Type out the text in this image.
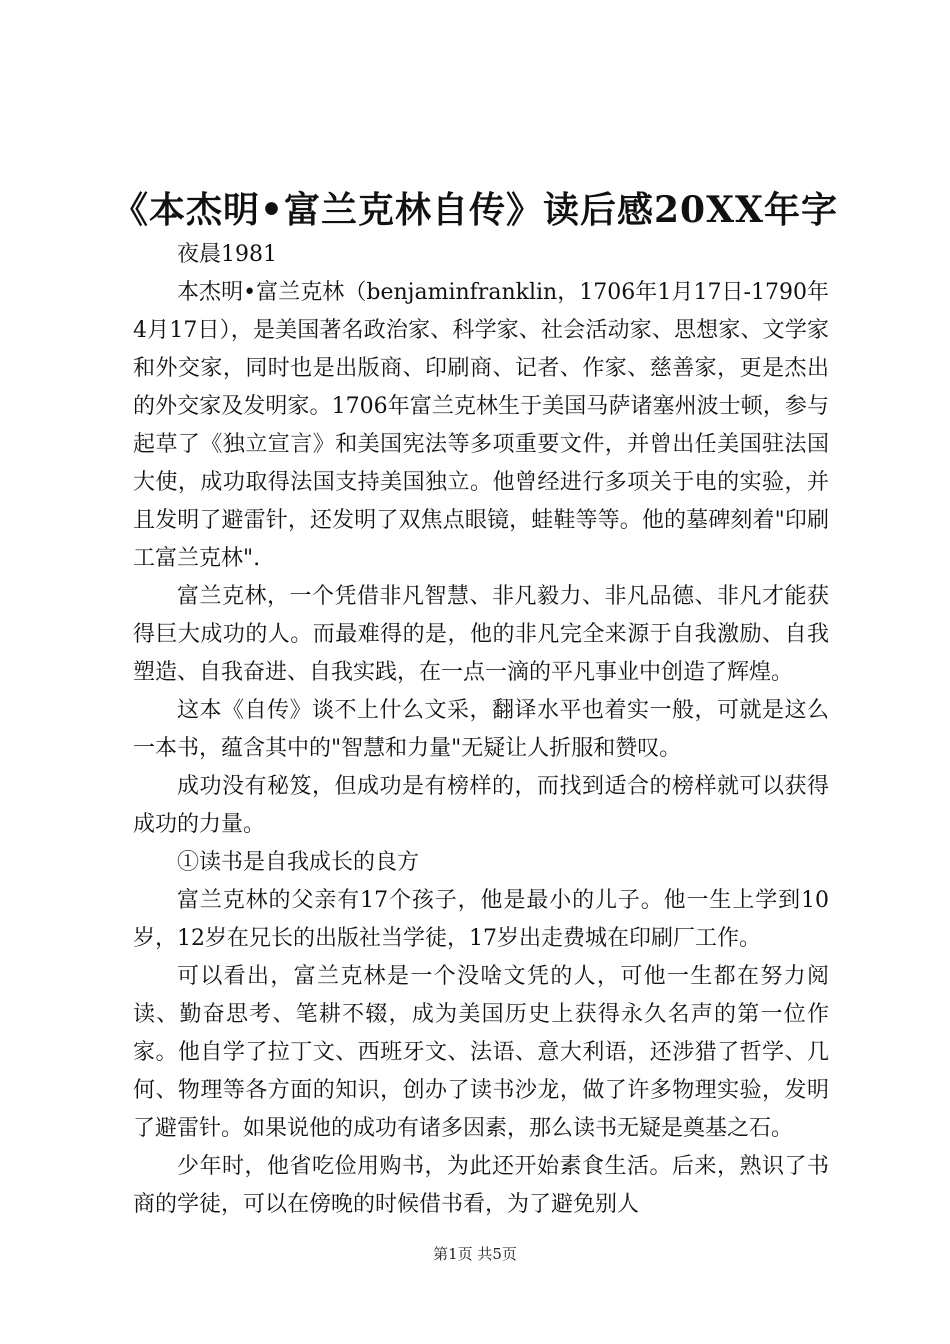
《本杰明•富兰克林自传》读后感20XX年字

夜晨1981

本杰明•富兰克林（benjaminfranklin，1706年1月17日-1790年4月17日），是美国著名政治家、科学家、社会活动家、思想家、文学家和外交家，同时也是出版商、印刷商、记者、作家、慈善家，更是杰出的外交家及发明家。1706年富兰克林生于美国马萨诸塞州波士顿，参与起草了《独立宣言》和美国宪法等多项重要文件，并曾出任美国驻法国大使，成功取得法国支持美国独立。他曾经进行多项关于电的实验，并且发明了避雷针，还发明了双焦点眼镜，蛙鞋等等。他的墓碑刻着"印刷工富兰克林".

富兰克林，一个凭借非凡智慧、非凡毅力、非凡品德、非凡才能获得巨大成功的人。而最难得的是，他的非凡完全来源于自我激励、自我塑造、自我奋进、自我实践，在一点一滴的平凡事业中创造了辉煌。

这本《自传》谈不上什么文采，翻译水平也着实一般，可就是这么一本书，蕴含其中的"智慧和力量"无疑让人折服和赞叹。

成功没有秘笈，但成功是有榜样的，而找到适合的榜样就可以获得成功的力量。

①读书是自我成长的良方

富兰克林的父亲有17个孩子，他是最小的儿子。他一生上学到10岁，12岁在兄长的出版社当学徒，17岁出走费城在印刷厂工作。

可以看出，富兰克林是一个没啥文凭的人，可他一生都在努力阅读、勤奋思考、笔耕不辍，成为美国历史上获得永久名声的第一位作家。他自学了拉丁文、西班牙文、法语、意大利语，还涉猎了哲学、几何、物理等各方面的知识，创办了读书沙龙，做了许多物理实验，发明了避雷针。如果说他的成功有诸多因素，那么读书无疑是奠基之石。

少年时，他省吃俭用购书，为此还开始素食生活。后来，熟识了书商的学徒，可以在傍晚的时候借书看，为了避免别人

第1页 共5页
